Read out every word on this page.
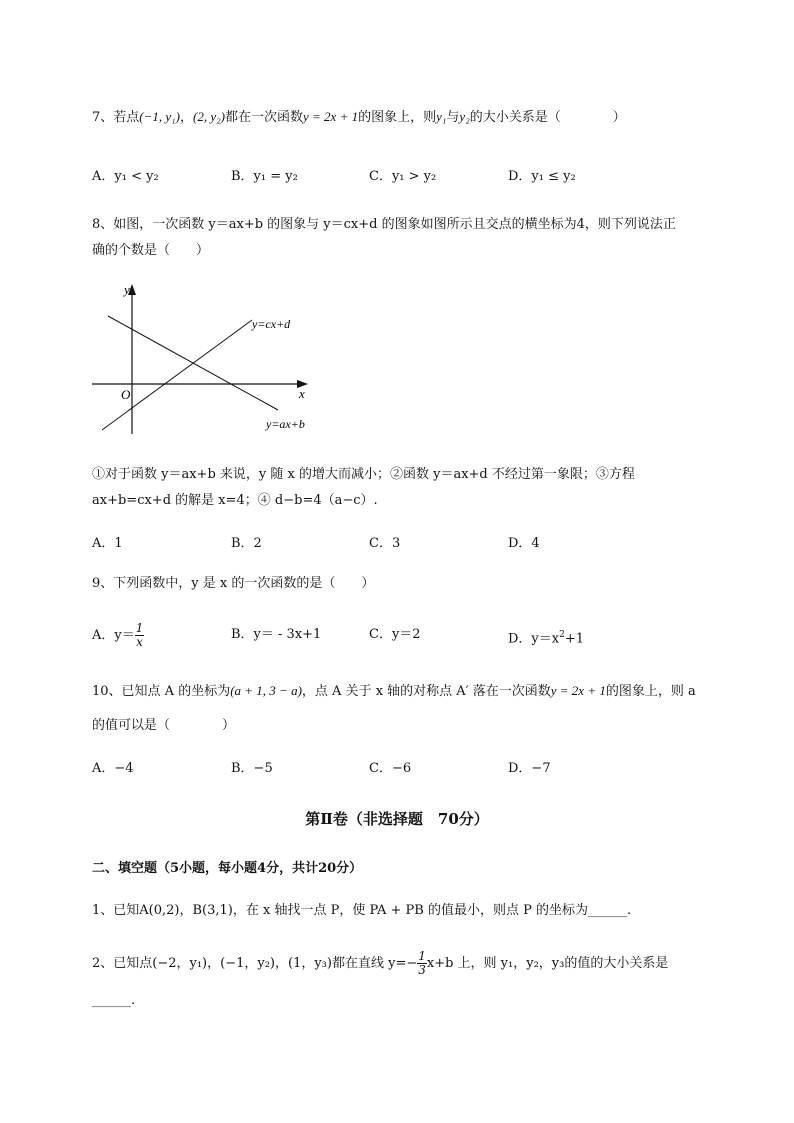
7、若点(−1, y₁)，(2, y₂)都在一次函数y = 2x + 1的图象上，则y₁与y₂的大小关系是（　　　　）
A．y₁ < y₂	B．y₁ = y₂	C．y₁ > y₂	D．y₁ ≤ y₂
8、如图，一次函数 y＝ax+b 的图象与 y＝cx+d 的图象如图所示且交点的横坐标为4，则下列说法正
确的个数是（　　）
y
x
O
y=cx+d
y=ax+b
①对于函数 y＝ax+b 来说，y 随 x 的增大而减小；②函数 y＝ax+d 不经过第一象限；③方程
ax+b=cx+d 的解是 x=4；④ d−b=4（a−c）.
A．1	B．2	C．3	D．4
9、下列函数中，y 是 x 的一次函数的是（　　）
A．$y= \frac{1}{x}$	B．y＝ - 3x+1	C．y＝2	D．$y=x^2+1$
10、已知点 A 的坐标为(a + 1, 3 − a)，点 A 关于 x 轴的对称点 A′ 落在一次函数y = 2x + 1的图象上，则 a
的值可以是（　　　　）
A．−4	B．−5	C．−6	D．−7
第Ⅱ卷（非选择题　70分）
二、填空题（5小题，每小题4分，共计20分）
1、已知A(0,2)，B(3,1)，在 x 轴找一点 P，使 PA + PB 的值最小，则点 P 的坐标为______.
2、已知点(−2，y₁)，(−1，y₂)，(1，y₃)都在直线 $y=- \frac{1}{3} x+b$ 上，则 y₁，y₂，y₃的值的大小关系是
______.
